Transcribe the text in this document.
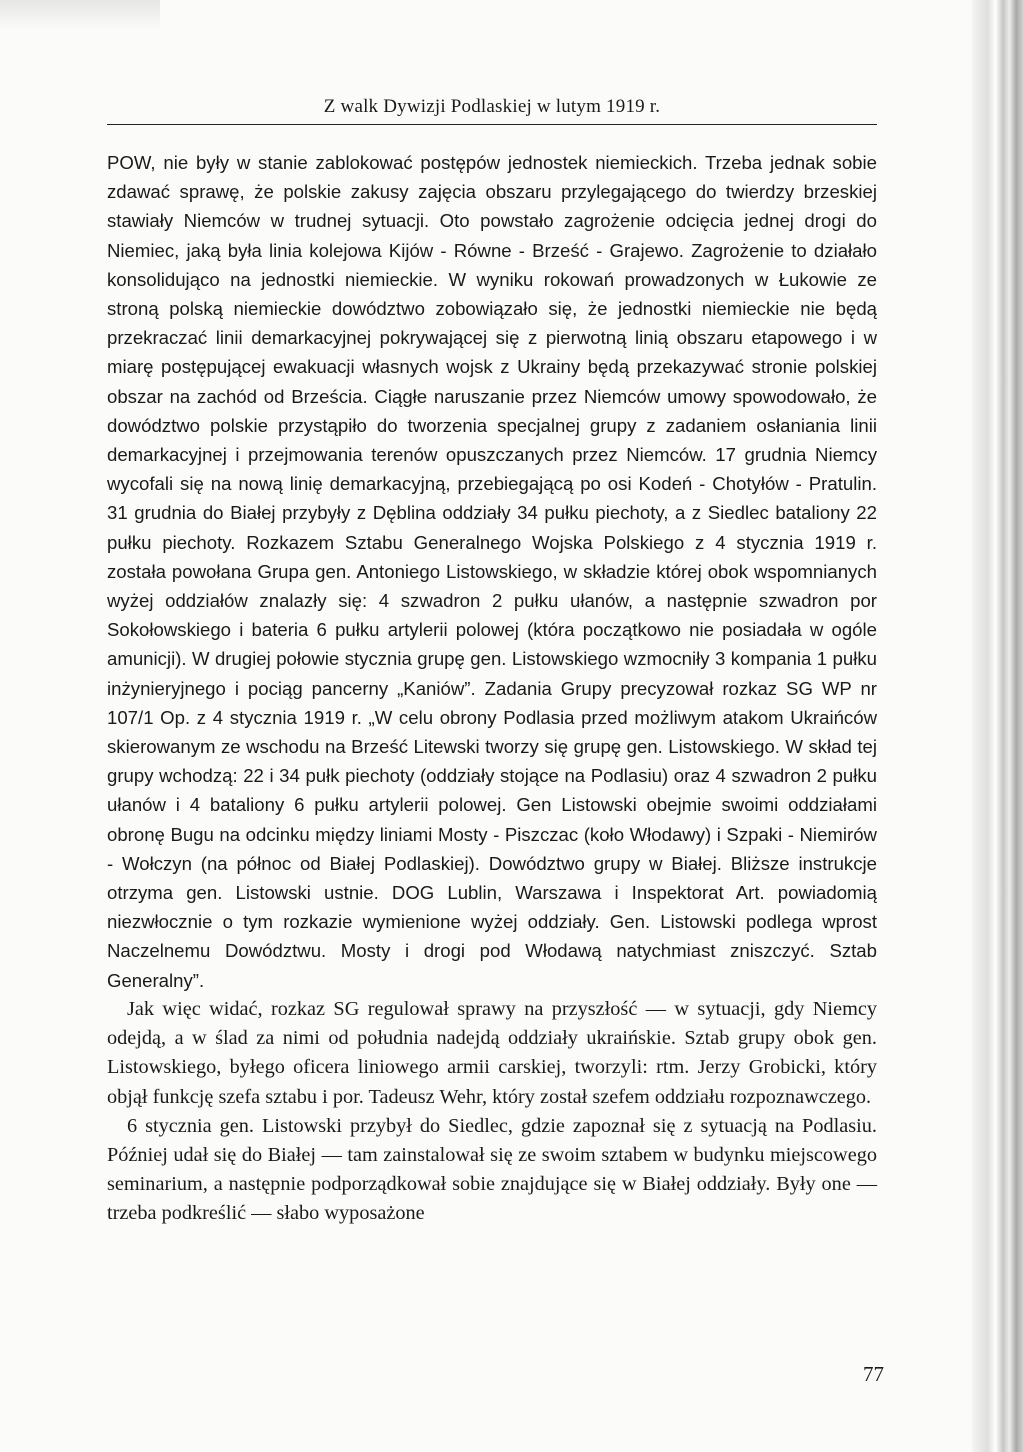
Z walk Dywizji Podlaskiej w lutym 1919 r.

POW, nie były w stanie zablokować postępów jednostek niemieckich. Trzeba jednak sobie zdawać sprawę, że polskie zakusy zajęcia obszaru przylegającego do twierdzy brzeskiej stawiały Niemców w trudnej sytuacji. Oto powstało zagrożenie odcięcia jednej drogi do Niemiec, jaką była linia kolejowa Kijów - Równe - Brześć - Grajewo. Zagrożenie to działało konsolidująco na jednostki niemieckie. W wyniku rokowań prowadzonych w Łukowie ze stroną polską niemieckie dowództwo zobowiązało się, że jednostki niemieckie nie będą przekraczać linii demarkacyjnej pokrywającej się z pierwotną linią obszaru etapowego i w miarę postępującej ewakuacji własnych wojsk z Ukrainy będą przekazywać stronie polskiej obszar na zachód od Brześcia. Ciągłe naruszanie przez Niemców umowy spowodowało, że dowództwo polskie przystąpiło do tworzenia specjalnej grupy z zadaniem osłaniania linii demarkacyjnej i przejmowania terenów opuszczanych przez Niemców. 17 grudnia Niemcy wycofali się na nową linię demarkacyjną, przebiegającą po osi Kodeń - Chotyłów - Pratulin. 31 grudnia do Białej przybyły z Dęblina oddziały 34 pułku piechoty, a z Siedlec bataliony 22 pułku piechoty. Rozkazem Sztabu Generalnego Wojska Polskiego z 4 stycznia 1919 r. została powołana Grupa gen. Antoniego Listowskiego, w składzie której obok wspomnianych wyżej oddziałów znalazły się: 4 szwadron 2 pułku ułanów, a następnie szwadron por Sokołowskiego i bateria 6 pułku artylerii polowej (która początkowo nie posiadała w ogóle amunicji). W drugiej połowie stycznia grupę gen. Listowskiego wzmocniły 3 kompania 1 pułku inżynieryjnego i pociąg pancerny „Kaniów”. Zadania Grupy precyzował rozkaz SG WP nr 107/1 Op. z 4 stycznia 1919 r. „W celu obrony Podlasia przed możliwym atakom Ukraińców skierowanym ze wschodu na Brześć Litewski tworzy się grupę gen. Listowskiego. W skład tej grupy wchodzą: 22 i 34 pułk piechoty (oddziały stojące na Podlasiu) oraz 4 szwadron 2 pułku ułanów i 4 bataliony 6 pułku artylerii polowej. Gen Listowski obejmie swoimi oddziałami obronę Bugu na odcinku między liniami Mosty - Piszczac (koło Włodawy) i Szpaki - Niemirów - Wołczyn (na północ od Białej Podlaskiej). Dowództwo grupy w Białej. Bliższe instrukcje otrzyma gen. Listowski ustnie. DOG Lublin, Warszawa i Inspektorat Art. powiadomią niezwłocznie o tym rozkazie wymienione wyżej oddziały. Gen. Listowski podlega wprost Naczelnemu Dowództwu. Mosty i drogi pod Włodawą natychmiast zniszczyć. Sztab Generalny”.

Jak więc widać, rozkaz SG regulował sprawy na przyszłość — w sytuacji, gdy Niemcy odejdą, a w ślad za nimi od południa nadejdą oddziały ukraińskie. Sztab grupy obok gen. Listowskiego, byłego oficera liniowego armii carskiej, tworzyli: rtm. Jerzy Grobicki, który objął funkcję szefa sztabu i por. Tadeusz Wehr, który został szefem oddziału rozpoznawczego.

6 stycznia gen. Listowski przybył do Siedlec, gdzie zapoznał się z sytuacją na Podlasiu. Później udał się do Białej — tam zainstalował się ze swoim sztabem w budynku miejscowego seminarium, a następnie podporządkował sobie znajdujące się w Białej oddziały. Były one — trzeba podkreślić — słabo wyposażone

77
